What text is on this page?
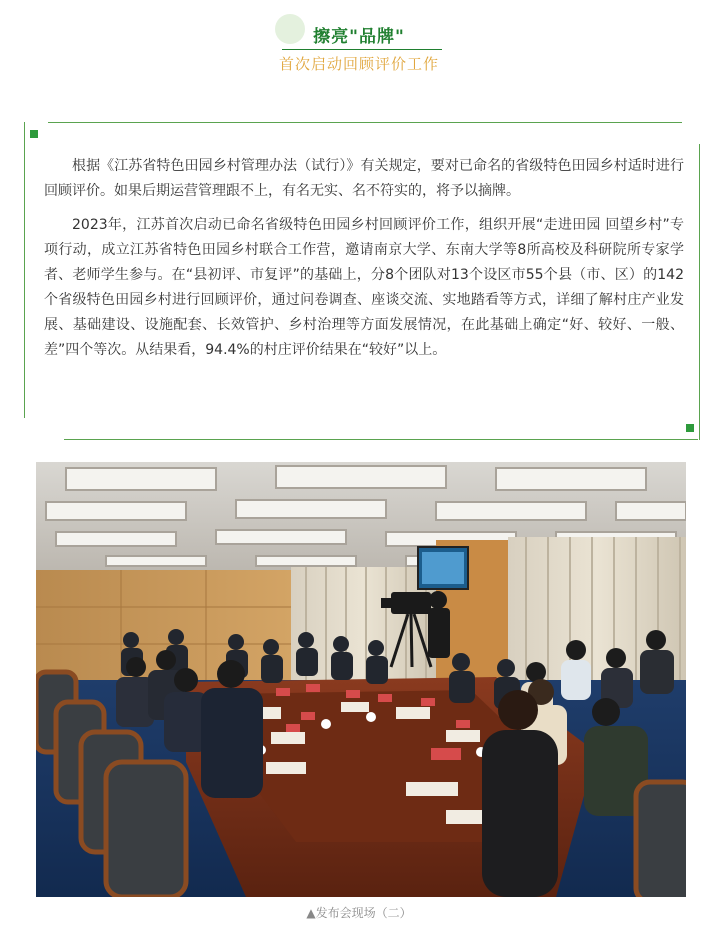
擦亮"品牌"
首次启动回顾评价工作

根据《江苏省特色田园乡村管理办法（试行）》有关规定，要对已命名的省级特色田园乡村适时进行回顾评价。如果后期运营管理跟不上，有名无实、名不符实的，将予以摘牌。

2023年，江苏首次启动已命名省级特色田园乡村回顾评价工作，组织开展“走进田园 回望乡村”专项行动，成立江苏省特色田园乡村联合工作营，邀请南京大学、东南大学等8所高校及科研院所专家学者、老师学生参与。在“县初评、市复评”的基础上，分8个团队对13个设区市55个县（市、区）的142个省级特色田园乡村进行回顾评价，通过问卷调查、座谈交流、实地踏看等方式，详细了解村庄产业发展、基础建设、设施配套、长效管护、乡村治理等方面发展情况，在此基础上确定“好、较好、一般、差”四个等次。从结果看，94.4%的村庄评价结果在“较好”以上。

▲发布会现场（二）
